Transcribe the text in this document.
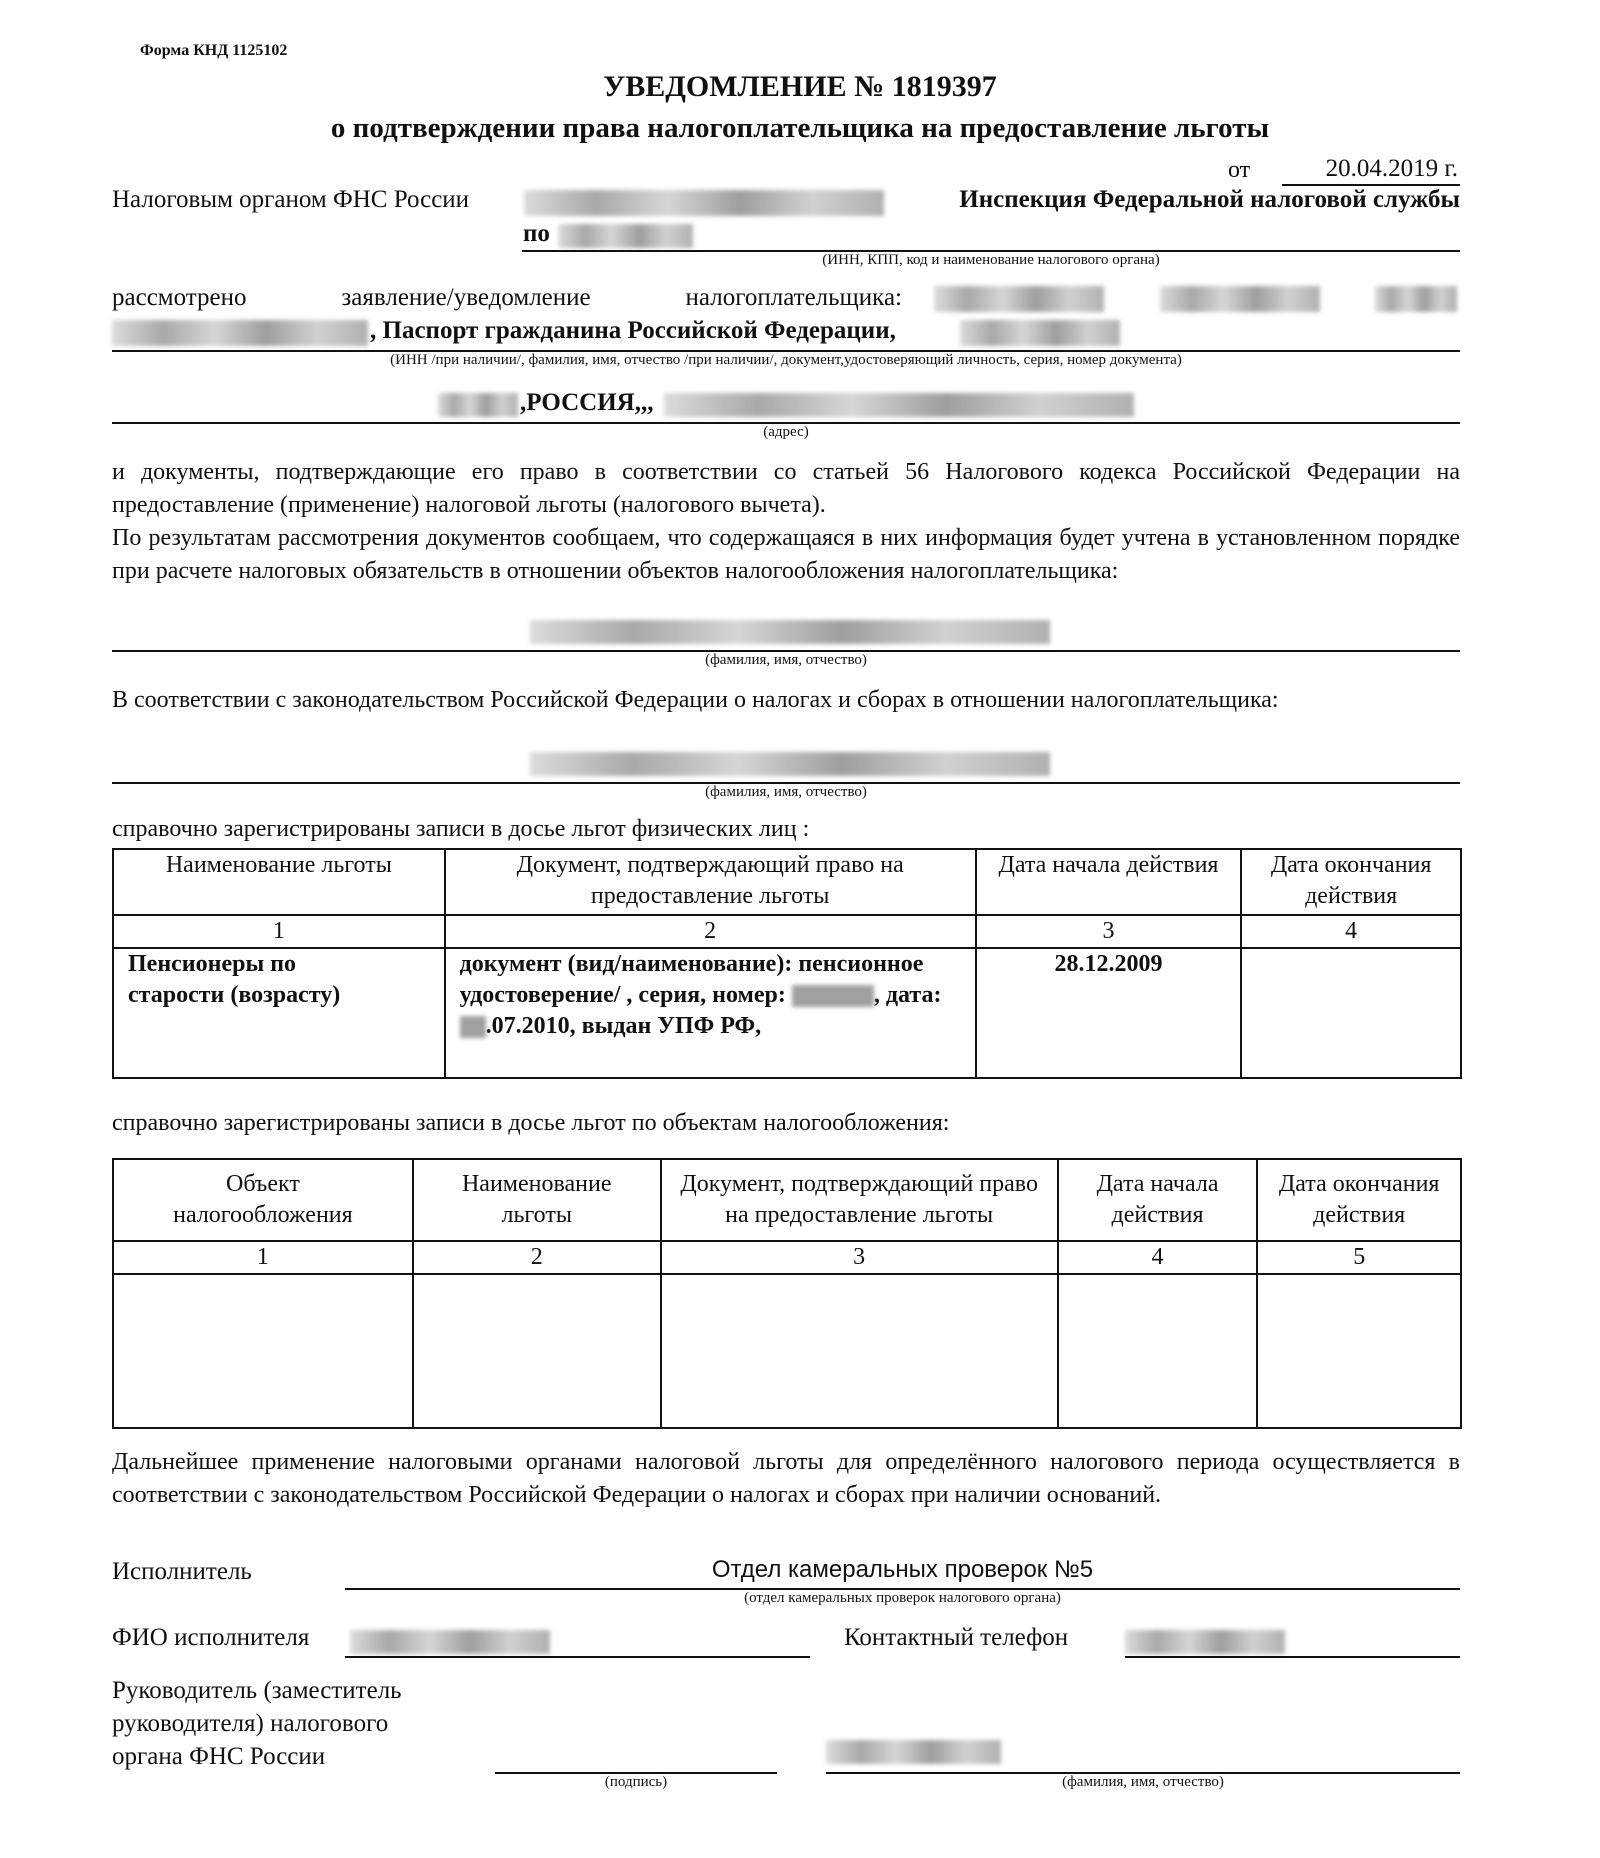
Форма КНД 1125102
УВЕДОМЛЕНИЕ № 1819397
о подтверждении права налогоплательщика на предоставление льготы
от	20.04.2019 г.
Налоговым органом ФНС России	Инспекция Федеральной налоговой службы
по
(ИНН, КПП, код и наименование налогового органа)
рассмотрено заявление/уведомление налогоплательщика:
, Паспорт гражданина Российской Федерации,
(ИНН /при наличии/, фамилия, имя, отчество /при наличии/, документ,удостоверяющий личность, серия, номер документа)
,РОССИЯ,,,
(адрес)
и документы, подтверждающие его право в соответствии со статьей 56 Налогового кодекса Российской Федерации на предоставление (применение) налоговой льготы (налогового вычета).
По результатам рассмотрения документов сообщаем, что содержащаяся в них информация будет учтена в установленном порядке при расчете налоговых обязательств в отношении объектов налогообложения налогоплательщика:
(фамилия, имя, отчество)
В соответствии с законодательством Российской Федерации о налогах и сборах в отношении налогоплательщика:
(фамилия, имя, отчество)
справочно зарегистрированы записи в досье льгот физических лиц :
Наименование льготы	Документ, подтверждающий право на предоставление льготы	Дата начала действия	Дата окончания действия
1	2	3	4
Пенсионеры по старости (возрасту)	документ (вид/наименование): пенсионное удостоверение/ , серия, номер: , дата: .07.2010, выдан УПФ РФ,	28.12.2009	
справочно зарегистрированы записи в досье льгот по объектам налогообложения:
Объект налогообложения	Наименование льготы	Документ, подтверждающий право на предоставление льготы	Дата начала действия	Дата окончания действия
1	2	3	4	5

Дальнейшее применение налоговыми органами налоговой льготы для определённого налогового периода осуществляется в соответствии с законодательством Российской Федерации о налогах и сборах при наличии оснований.
Исполнитель	Отдел камеральных проверок №5
(отдел камеральных проверок налогового органа)
ФИО исполнителя	Контактный телефон
Руководитель (заместитель руководителя) налогового органа ФНС России
(подпись)	(фамилия, имя, отчество)
